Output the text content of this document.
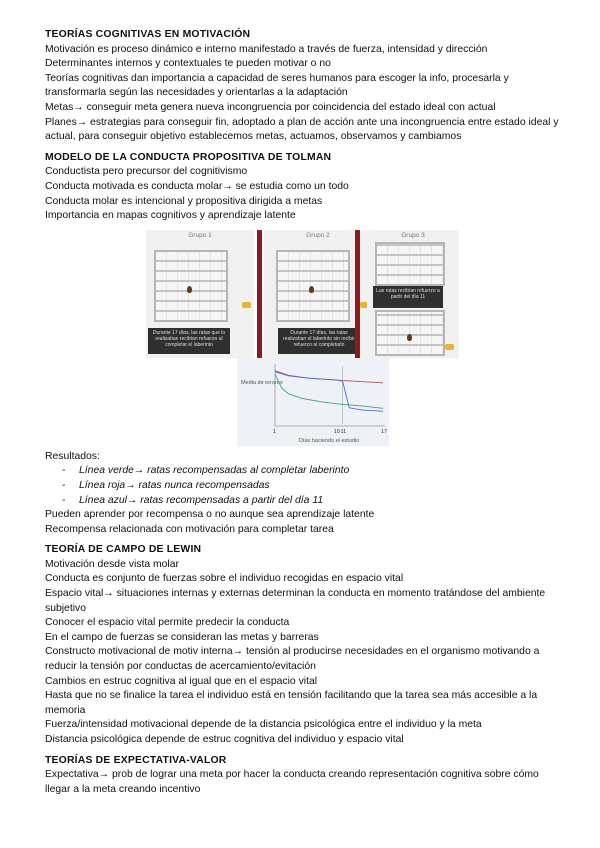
TEORÍAS COGNITIVAS EN MOTIVACIÓN

Motivación es proceso dinámico e interno manifestado a través de fuerza, intensidad y dirección

Determinantes internos y contextuales te pueden motivar o no

Teorías cognitivas dan importancia a capacidad de seres humanos para escoger la info, procesarla y transformarla según las necesidades y orientarlas a la adaptación

Metas→ conseguir meta genera nueva incongruencia por coincidencia del estado ideal con actual

Planes→ estrategias para conseguir fin, adoptado a plan de acción ante una incongruencia entre estado ideal y actual, para conseguir objetivo establecemos metas, actuamos, observamos y cambiamos

MODELO DE LA CONDUCTA PROPOSITIVA DE TOLMAN

Conductista pero precursor del cognitivismo

Conducta motivada es conducta molar→ se estudia como un todo

Conducta molar es intencional y propositiva dirigida a metas

Importancia en mapas cognitivos y aprendizaje latente

Grupo 1
Durante 17 días, las ratas que lo realizaban recibían refuerzo al completar el laberinto
Grupo 2
Durante 17 días, las ratas realizaban el laberinto sin recibir refuerzo al completarlo
Grupo 3
Las ratas recibían refuerzo a partir del día 11
Media de errores
Días haciendo el estudio
1	10 11	17

Resultados:

- Línea verde→ ratas recompensadas al completar laberinto
- Línea roja→ ratas nunca recompensadas
- Línea azul→ ratas recompensadas a partir del día 11

Pueden aprender por recompensa o no aunque sea aprendizaje latente

Recompensa relacionada con motivación para completar tarea

TEORÍA DE CAMPO DE LEWIN

Motivación desde vista molar

Conducta es conjunto de fuerzas sobre el individuo recogidas en espacio vital

Espacio vital→ situaciones internas y externas determinan la conducta en momento tratándose del ambiente subjetivo

Conocer el espacio vital permite predecir la conducta

En el campo de fuerzas se consideran las metas y barreras

Constructo motivacional de motiv interna→ tensión al producirse necesidades en el organismo motivando a reducir la tensión por conductas de acercamiento/evitación

Cambios en estruc cognitiva al igual que en el espacio vital

Hasta que no se finalice la tarea el individuo está en tensión facilitando que la tarea sea más accesible a la memoria

Fuerza/intensidad motivacional depende de la distancia psicológica entre el individuo y la meta

Distancia psicológica depende de estruc cognitiva del individuo y espacio vital

TEORÍAS DE EXPECTATIVA-VALOR

Expectativa→ prob de lograr una meta por hacer la conducta creando representación cognitiva sobre cómo llegar a la meta creando incentivo
